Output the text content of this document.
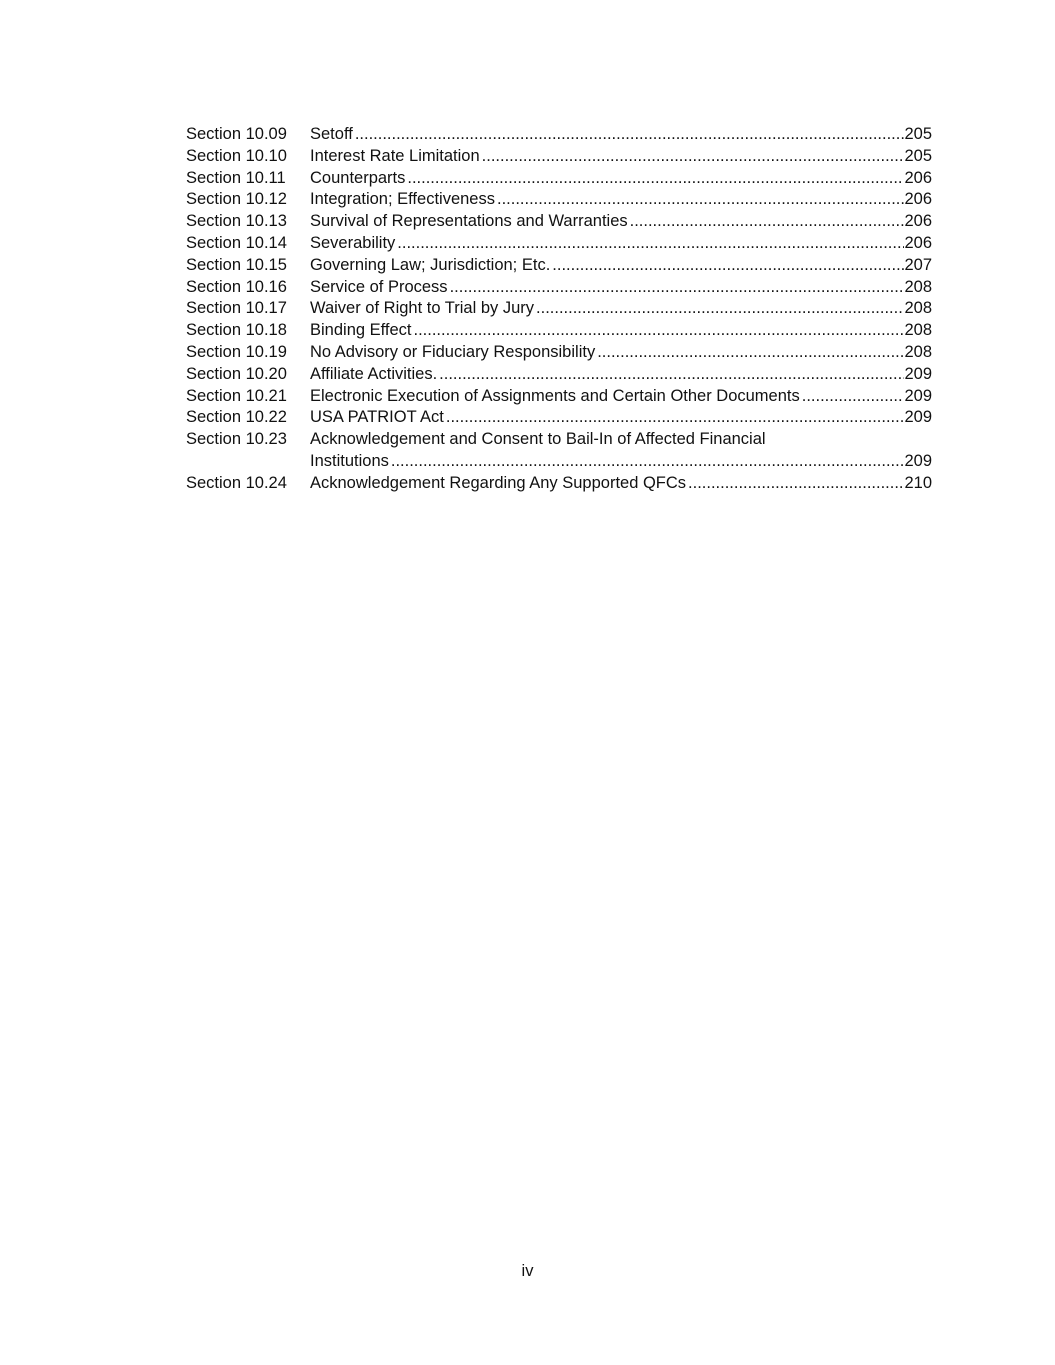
Section 10.09	Setoff .....	205
Section 10.10	Interest Rate Limitation .....	205
Section 10.11	Counterparts .....	206
Section 10.12	Integration; Effectiveness .....	206
Section 10.13	Survival of Representations and Warranties .....	206
Section 10.14	Severability .....	206
Section 10.15	Governing Law; Jurisdiction; Etc. .....	207
Section 10.16	Service of Process .....	208
Section 10.17	Waiver of Right to Trial by Jury .....	208
Section 10.18	Binding Effect .....	208
Section 10.19	No Advisory or Fiduciary Responsibility .....	208
Section 10.20	Affiliate Activities. .....	209
Section 10.21	Electronic Execution of Assignments and Certain Other Documents .....	209
Section 10.22	USA PATRIOT Act .....	209
Section 10.23	Acknowledgement and Consent to Bail-In of Affected Financial
Institutions .....	209
Section 10.24	Acknowledgement Regarding Any Supported QFCs .....	210
iv
